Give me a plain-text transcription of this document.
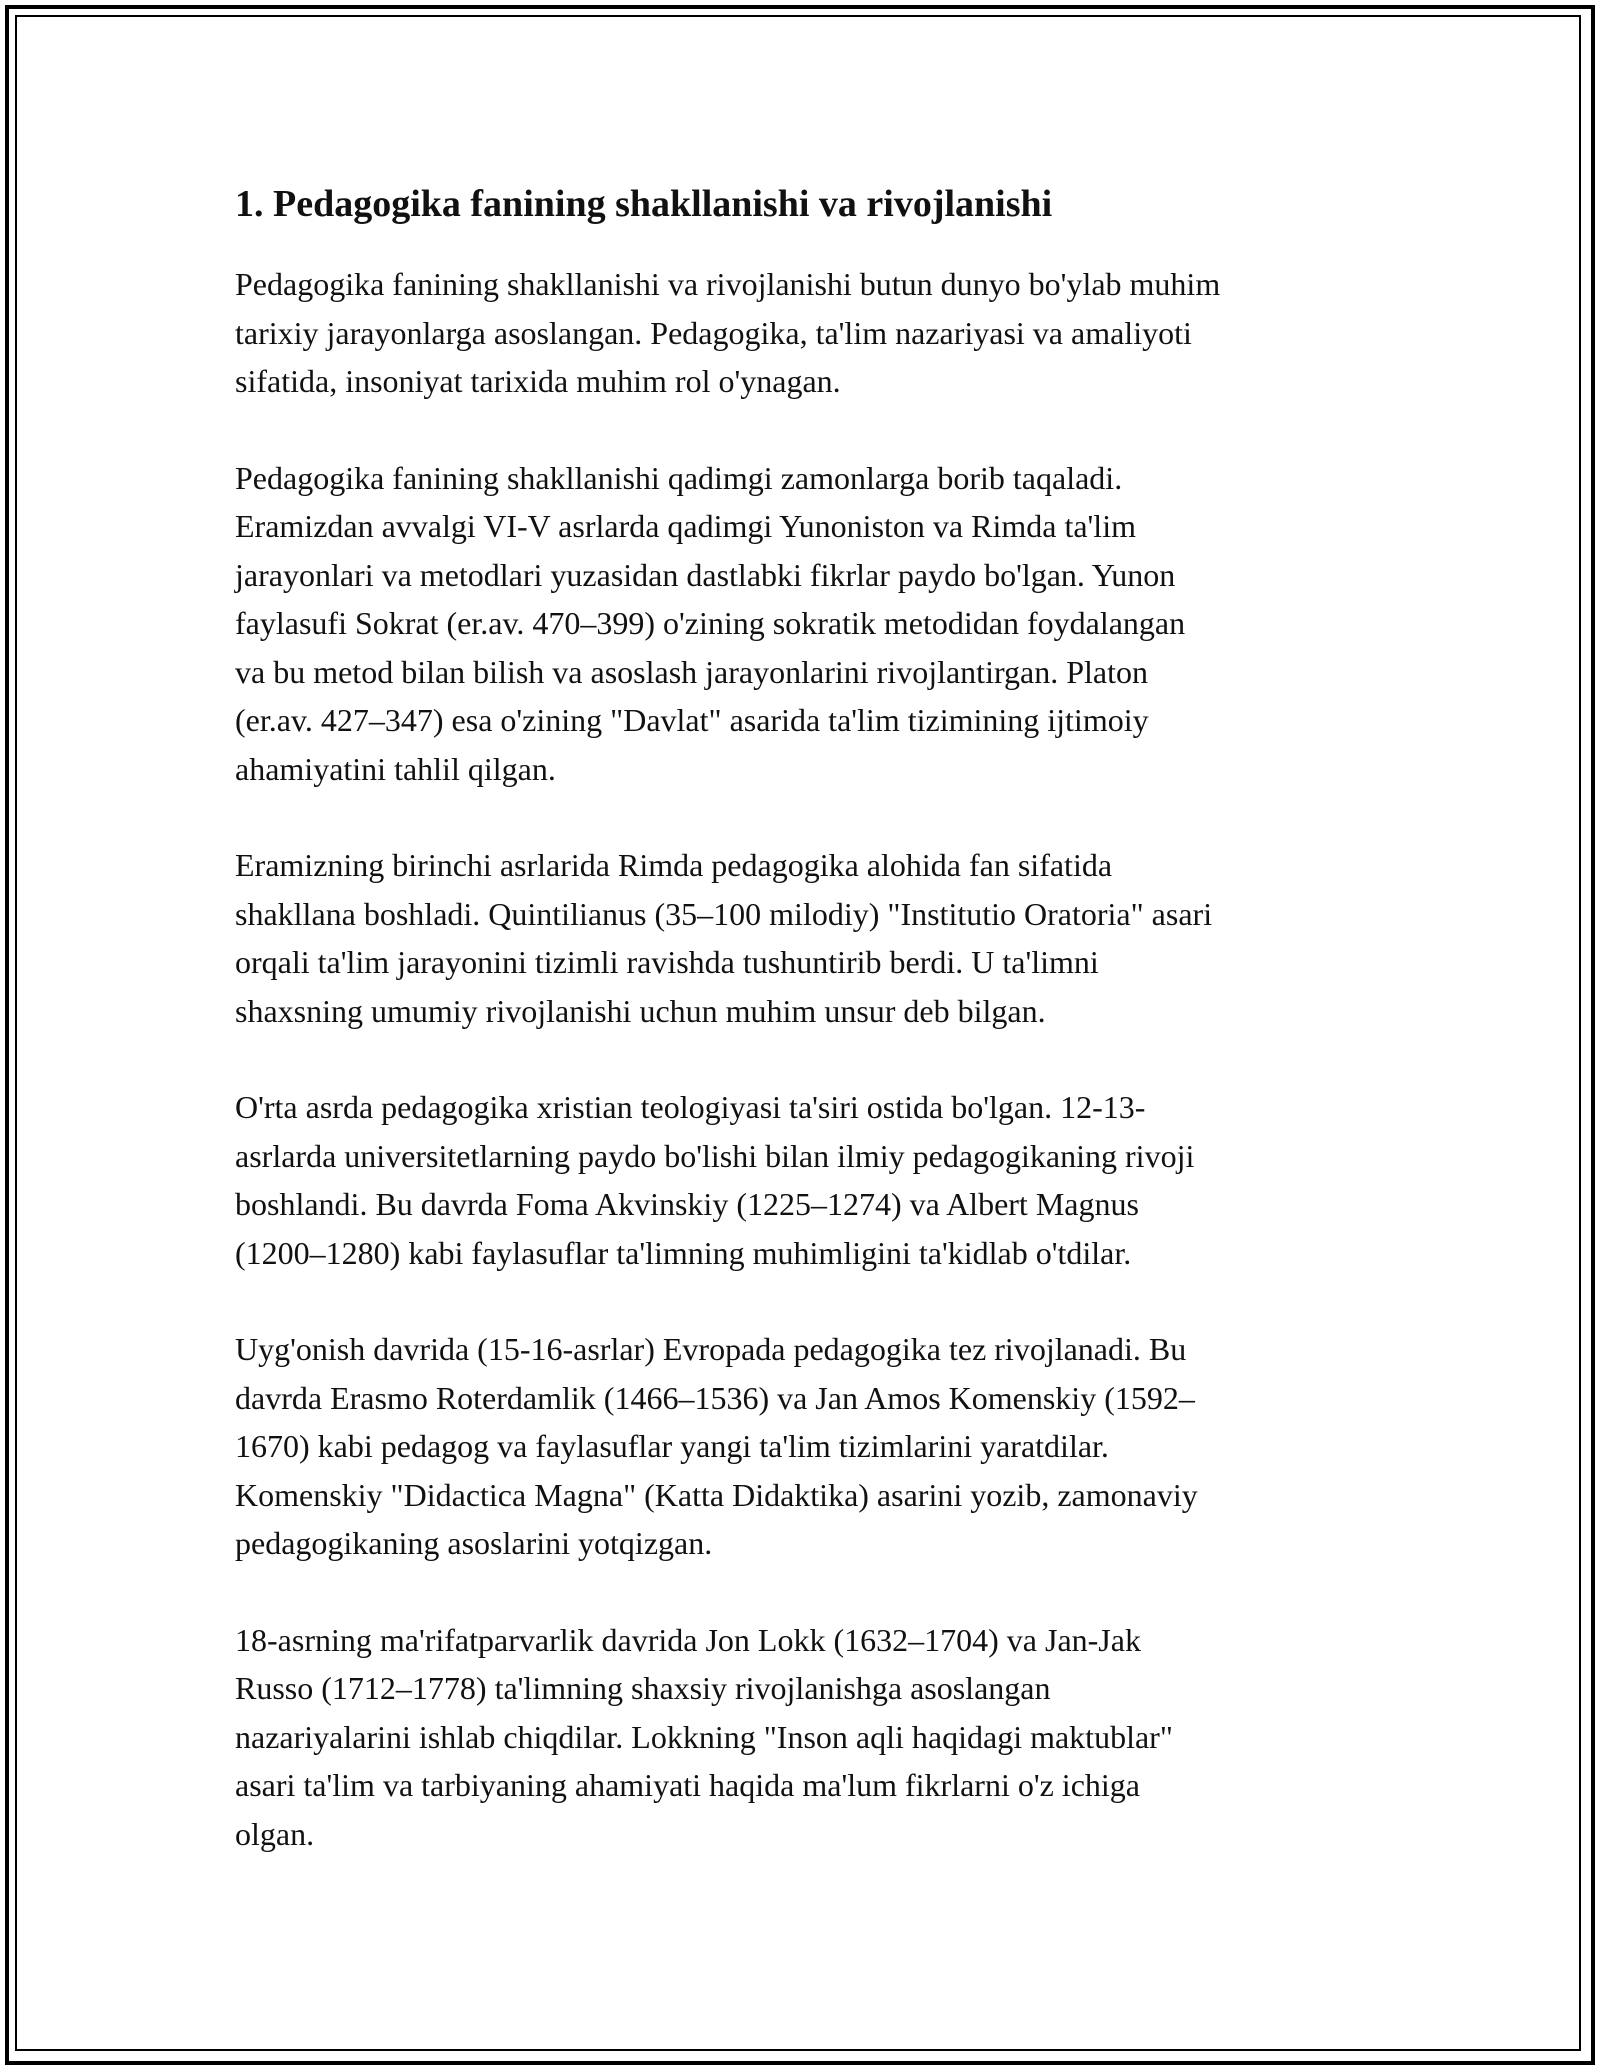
1. Pedagogika fanining shakllanishi va rivojlanishi

Pedagogika fanining shakllanishi va rivojlanishi butun dunyo bo'ylab muhim
tarixiy jarayonlarga asoslangan. Pedagogika, ta'lim nazariyasi va amaliyoti
sifatida, insoniyat tarixida muhim rol o'ynagan.

Pedagogika fanining shakllanishi qadimgi zamonlarga borib taqaladi.
Eramizdan avvalgi VI-V asrlarda qadimgi Yunoniston va Rimda ta'lim
jarayonlari va metodlari yuzasidan dastlabki fikrlar paydo bo'lgan. Yunon
faylasufi Sokrat (er.av. 470–399) o'zining sokratik metodidan foydalangan
va bu metod bilan bilish va asoslash jarayonlarini rivojlantirgan. Platon
(er.av. 427–347) esa o'zining "Davlat" asarida ta'lim tizimining ijtimoiy
ahamiyatini tahlil qilgan.

Eramizning birinchi asrlarida Rimda pedagogika alohida fan sifatida
shakllana boshladi. Quintilianus (35–100 milodiy) "Institutio Oratoria" asari
orqali ta'lim jarayonini tizimli ravishda tushuntirib berdi. U ta'limni
shaxsning umumiy rivojlanishi uchun muhim unsur deb bilgan.

O'rta asrda pedagogika xristian teologiyasi ta'siri ostida bo'lgan. 12-13-
asrlarda universitetlarning paydo bo'lishi bilan ilmiy pedagogikaning rivoji
boshlandi. Bu davrda Foma Akvinskiy (1225–1274) va Albert Magnus
(1200–1280) kabi faylasuflar ta'limning muhimligini ta'kidlab o'tdilar.

Uyg'onish davrida (15-16-asrlar) Evropada pedagogika tez rivojlanadi. Bu
davrda Erasmo Roterdamlik (1466–1536) va Jan Amos Komenskiy (1592–
1670) kabi pedagog va faylasuflar yangi ta'lim tizimlarini yaratdilar.
Komenskiy "Didactica Magna" (Katta Didaktika) asarini yozib, zamonaviy
pedagogikaning asoslarini yotqizgan.

18-asrning ma'rifatparvarlik davrida Jon Lokk (1632–1704) va Jan-Jak
Russo (1712–1778) ta'limning shaxsiy rivojlanishga asoslangan
nazariyalarini ishlab chiqdilar. Lokkning "Inson aqli haqidagi maktublar"
asari ta'lim va tarbiyaning ahamiyati haqida ma'lum fikrlarni o'z ichiga
olgan.
